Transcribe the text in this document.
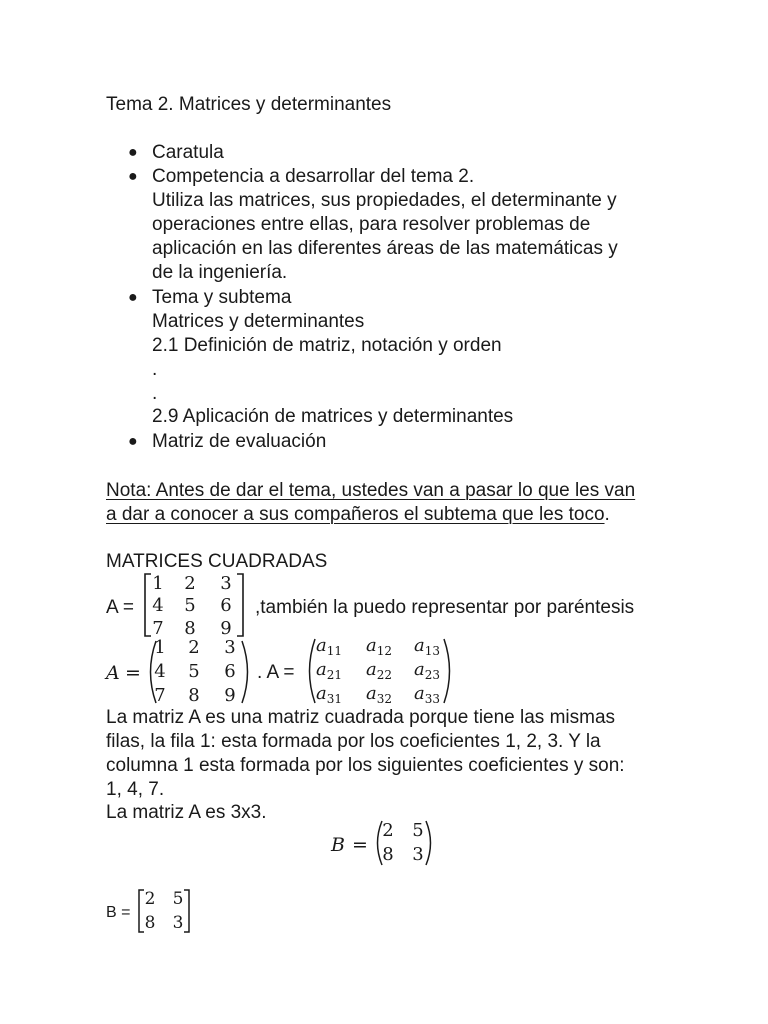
Tema 2. Matrices y determinantes
● Caratula
● Competencia a desarrollar del tema 2.
Utiliza las matrices, sus propiedades, el determinante y
operaciones entre ellas, para resolver problemas de
aplicación en las diferentes áreas de las matemáticas y
de la ingeniería.
● Tema y subtema
Matrices y determinantes
2.1 Definición de matriz, notación y orden
.
.
2.9 Aplicación de matrices y determinantes
● Matriz de evaluación
Nota: Antes de dar el tema, ustedes van a pasar lo que les van
a dar a conocer a sus compañeros el subtema que les toco.
MATRICES CUADRADAS
A =
1 2 3
4 5 6
7 8 9
,también la puedo representar por paréntesis
A =
1 2 3
4 5 6
7 8 9
. A =
$a_{11}$ $a_{12}$ $a_{13}$
$a_{21}$ $a_{22}$ $a_{23}$
$a_{31}$ $a_{32}$ $a_{33}$
La matriz A es una matriz cuadrada porque tiene las mismas
filas, la fila 1: esta formada por los coeficientes 1, 2, 3. Y la
columna 1 esta formada por los siguientes coeficientes y son:
1, 4, 7.
La matriz A es 3x3.
B =
2 5
8 3
B =
2 5
8 3
